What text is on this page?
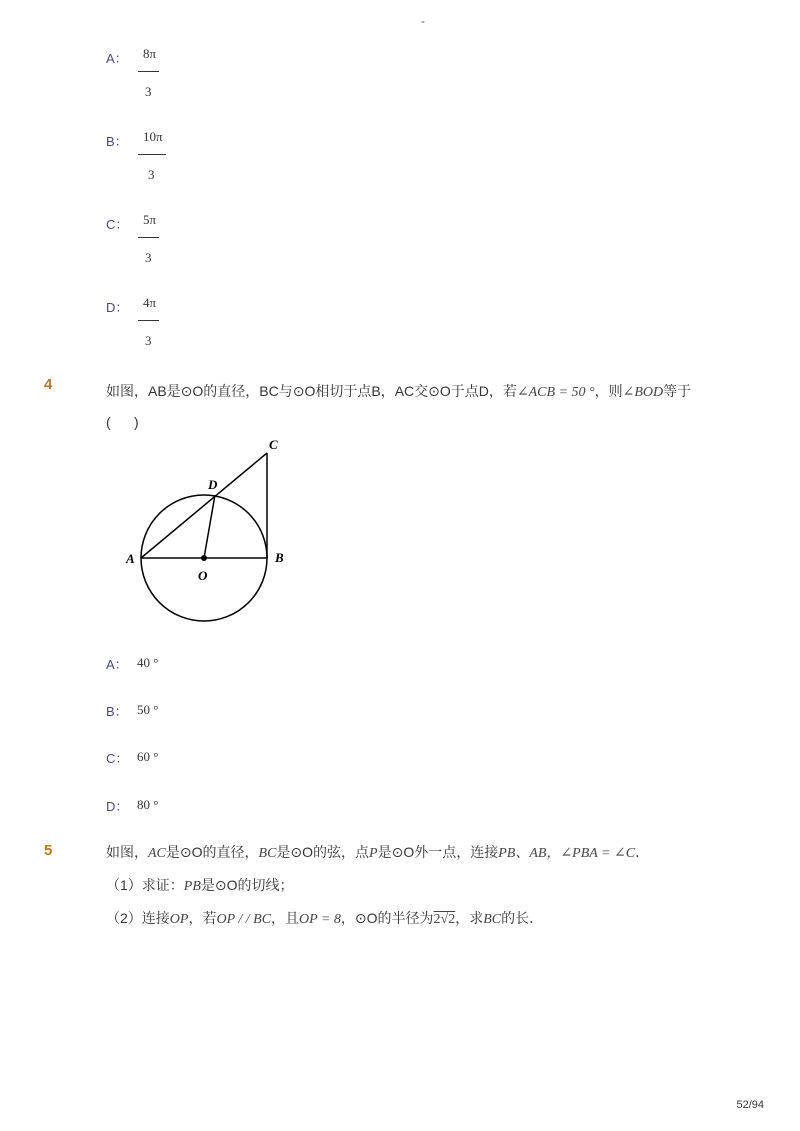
-
A： 8π
3
B： 10π
3
C： 5π
3
D： 4π
3
4	如图，AB是⊙O的直径，BC与⊙O相切于点B，AC交⊙O于点D，若∠ACB = 50 °，则∠BOD等于
(      )
C
D
A	B
O
A： 40 °
B： 50 °
C： 60 °
D： 80 °
5	如图，AC是⊙O的直径，BC是⊙O的弦，点P是⊙O外一点，连接PB、AB，∠PBA = ∠C．
（1）求证：PB是⊙O的切线；
（2）连接OP，若OP / / BC，且OP = 8，⊙O的半径为2√2，求BC的长．
52/94
